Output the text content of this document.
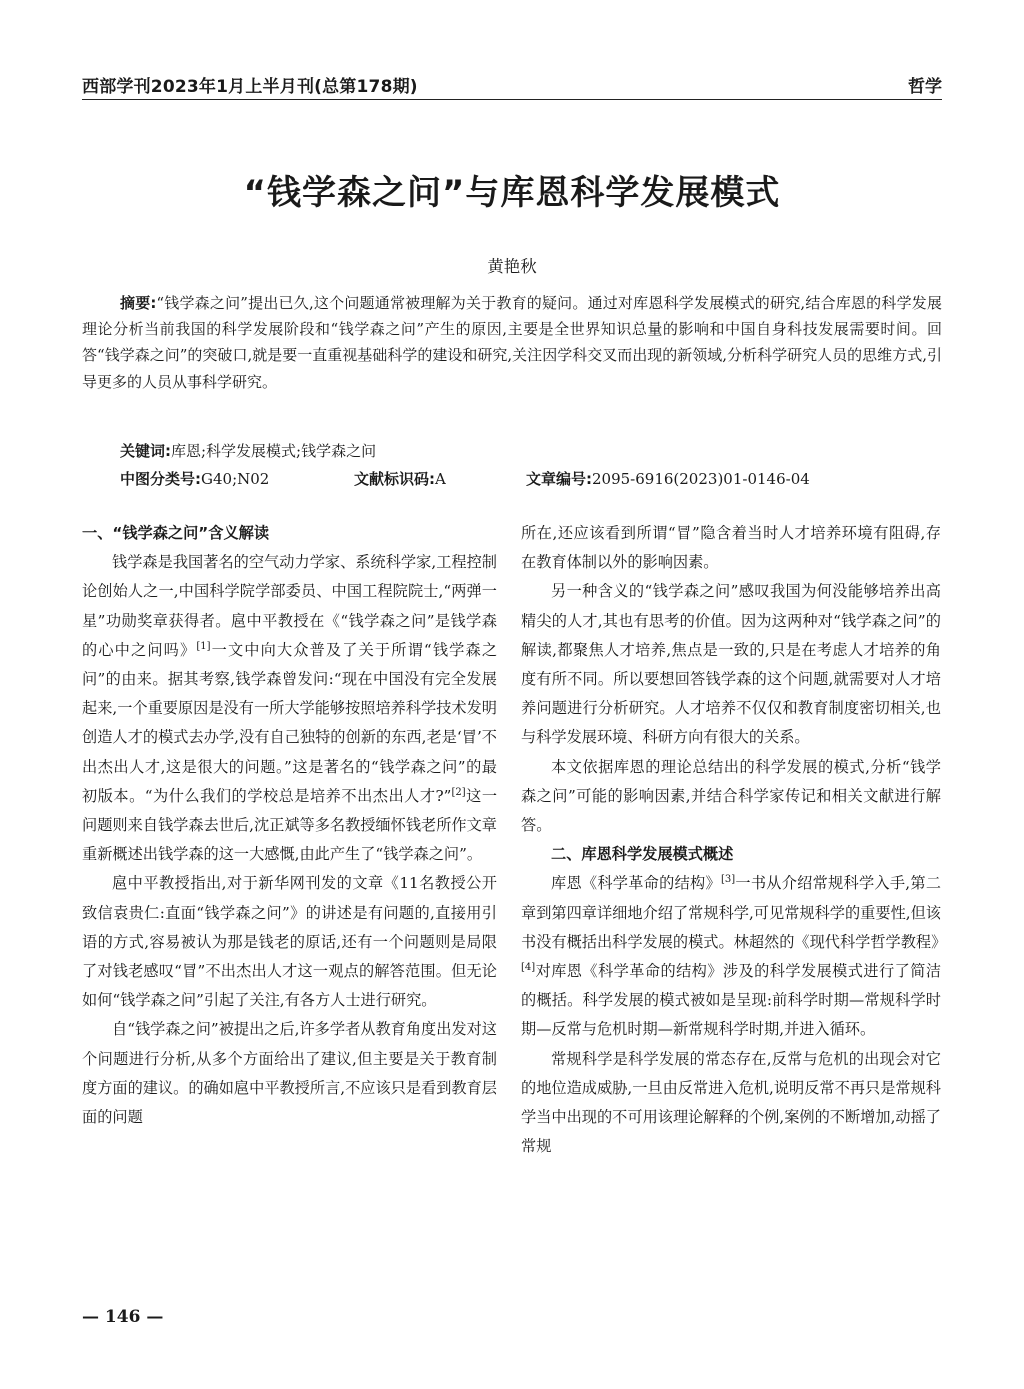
西部学刊2023年1月上半月刊(总第178期)	哲学
“钱学森之问”与库恩科学发展模式
黄艳秋
摘要:“钱学森之问”提出已久,这个问题通常被理解为关于教育的疑问。通过对库恩科学发展模式的研究,结合库恩的科学发展理论分析当前我国的科学发展阶段和“钱学森之问”产生的原因,主要是全世界知识总量的影响和中国自身科技发展需要时间。回答“钱学森之问”的突破口,就是要一直重视基础科学的建设和研究,关注因学科交叉而出现的新领域,分析科学研究人员的思维方式,引导更多的人员从事科学研究。
关键词:库恩;科学发展模式;钱学森之问
中图分类号:G40;N02	文献标识码:A	文章编号:2095-6916(2023)01-0146-04
一、“钱学森之问”含义解读

钱学森是我国著名的空气动力学家、系统科学家,工程控制论创始人之一,中国科学院学部委员、中国工程院院士,“两弹一星”功勋奖章获得者。扈中平教授在《“钱学森之问”是钱学森的心中之问吗》[1]一文中向大众普及了关于所谓“钱学森之问”的由来。据其考察,钱学森曾发问:“现在中国没有完全发展起来,一个重要原因是没有一所大学能够按照培养科学技术发明创造人才的模式去办学,没有自己独特的创新的东西,老是‘冒’不出杰出人才,这是很大的问题。”这是著名的“钱学森之问”的最初版本。“为什么我们的学校总是培养不出杰出人才?”[2]这一问题则来自钱学森去世后,沈正斌等多名教授缅怀钱老所作文章重新概述出钱学森的这一大感慨,由此产生了“钱学森之问”。

扈中平教授指出,对于新华网刊发的文章《11名教授公开致信袁贵仁:直面“钱学森之问”》的讲述是有问题的,直接用引语的方式,容易被认为那是钱老的原话,还有一个问题则是局限了对钱老感叹“冒”不出杰出人才这一观点的解答范围。但无论如何“钱学森之问”引起了关注,有各方人士进行研究。

自“钱学森之问”被提出之后,许多学者从教育角度出发对这个问题进行分析,从多个方面给出了建议,但主要是关于教育制度方面的建议。的确如扈中平教授所言,不应该只是看到教育层面的问题

所在,还应该看到所谓“冒”隐含着当时人才培养环境有阻碍,存在教育体制以外的影响因素。

另一种含义的“钱学森之问”感叹我国为何没能够培养出高精尖的人才,其也有思考的价值。因为这两种对“钱学森之问”的解读,都聚焦人才培养,焦点是一致的,只是在考虑人才培养的角度有所不同。所以要想回答钱学森的这个问题,就需要对人才培养问题进行分析研究。人才培养不仅仅和教育制度密切相关,也与科学发展环境、科研方向有很大的关系。

本文依据库恩的理论总结出的科学发展的模式,分析“钱学森之问”可能的影响因素,并结合科学家传记和相关文献进行解答。

二、库恩科学发展模式概述

库恩《科学革命的结构》[3]一书从介绍常规科学入手,第二章到第四章详细地介绍了常规科学,可见常规科学的重要性,但该书没有概括出科学发展的模式。林超然的《现代科学哲学教程》[4]对库恩《科学革命的结构》涉及的科学发展模式进行了简洁的概括。科学发展的模式被如是呈现:前科学时期—常规科学时期—反常与危机时期—新常规科学时期,并进入循环。

常规科学是科学发展的常态存在,反常与危机的出现会对它的地位造成威胁,一旦由反常进入危机,说明反常不再只是常规科学当中出现的不可用该理论解释的个例,案例的不断增加,动摇了常规

— 146 —
